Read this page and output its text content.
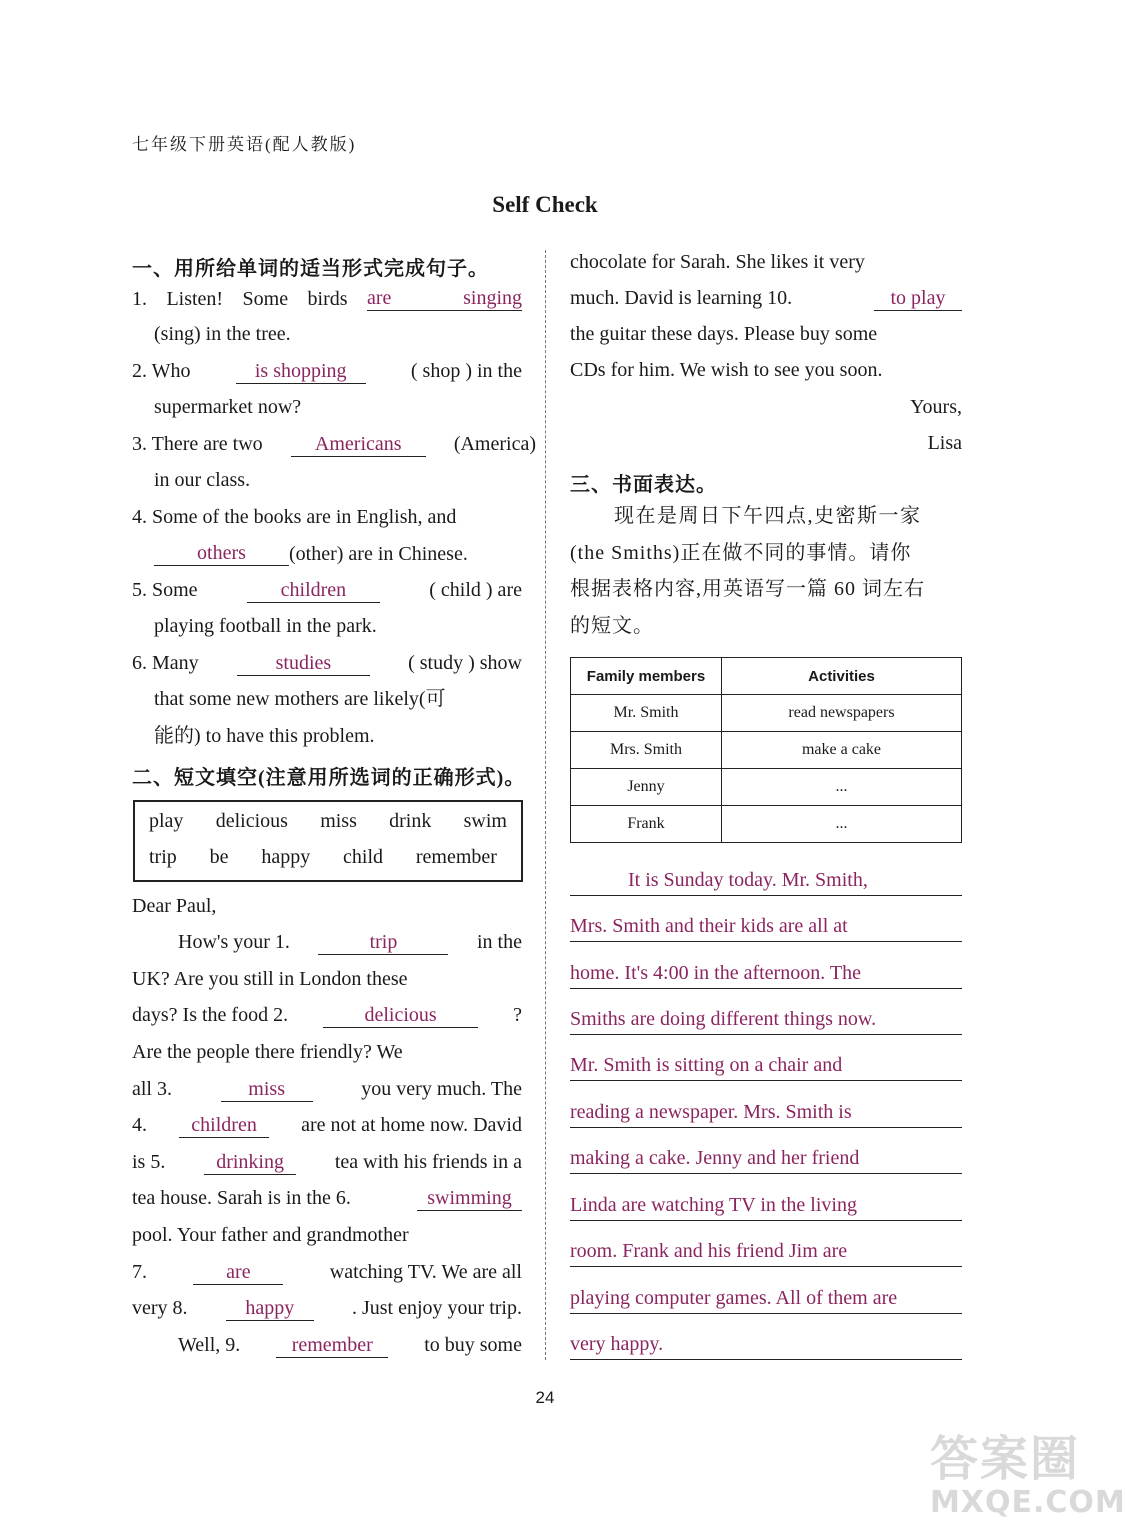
七年级下册英语(配人教版)
Self Check
一、用所给单词的适当形式完成句子。
1. Listen! Some birds are singing
(sing) in the tree.
2. Who	is shopping	( shop ) in the
supermarket now?
3. There are two	Americans	(America)
in our class.
4. Some of the books are in English, and
others (other) are in Chinese.
5. Some	children	( child ) are
playing football in the park.
6. Many	studies	( study ) show
that some new mothers are likely(可
能的) to have this problem.
二、短文填空(注意用所选词的正确形式)。
play delicious miss drink swim
trip be happy child remember
Dear Paul,
How's your 1.	trip	in the
UK? Are you still in London these
days? Is the food 2.	delicious	?
Are the people there friendly? We
all 3.	miss	you very much. The
4.	children	are not at home now. David
is 5.	drinking	tea with his friends in a
tea house. Sarah is in the 6.	swimming
pool. Your father and grandmother
7.	are	watching TV. We are all
very 8.	happy	. Just enjoy your trip.
Well, 9.	remember	to buy some
chocolate for Sarah. She likes it very
much. David is learning 10.	to play
the guitar these days. Please buy some
CDs for him. We wish to see you soon.
Yours,
Lisa
三、书面表达。
现在是周日下午四点,史密斯一家
(the Smiths)正在做不同的事情。请你
根据表格内容,用英语写一篇 60 词左右
的短文。
Family members	Activities
Mr. Smith	read newspapers
Mrs. Smith	make a cake
Jenny	...
Frank	...
It is Sunday today. Mr. Smith,
Mrs. Smith and their kids are all at
home. It's 4:00 in the afternoon. The
Smiths are doing different things now.
Mr. Smith is sitting on a chair and
reading a newspaper. Mrs. Smith is
making a cake. Jenny and her friend
Linda are watching TV in the living
room. Frank and his friend Jim are
playing computer games. All of them are
very happy.
24
答案圈
MXQE.COM
